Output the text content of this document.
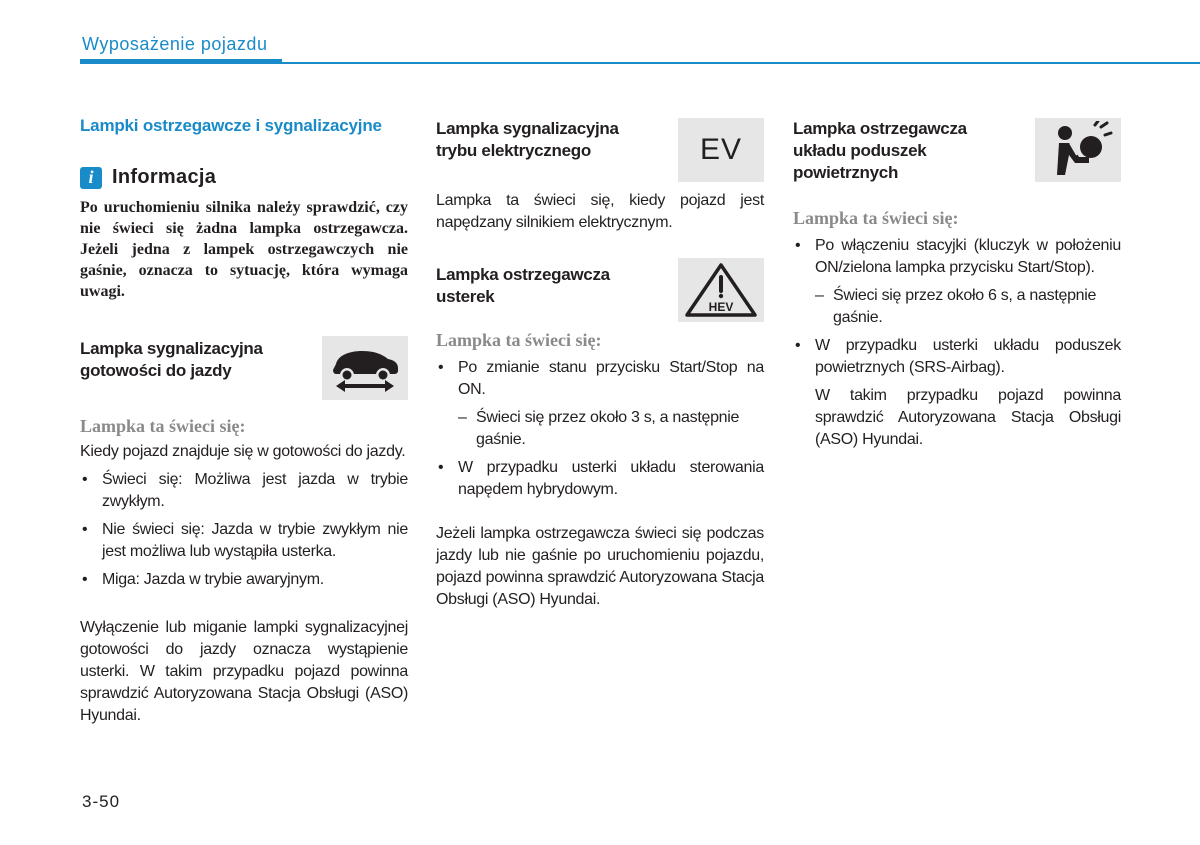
Wyposażenie pojazdu

Lampki ostrzegawcze i sygnalizacyjne

i Informacja
Po uruchomieniu silnika należy sprawdzić, czy nie świeci się żadna lampka ostrzegawcza. Jeżeli jedna z lampek ostrzegawczych nie gaśnie, oznacza to sytuację, która wymaga uwagi.
Lampka sygnalizacyjna
gotowości do jazdy

Lampka ta świeci się:

Kiedy pojazd znajduje się w gotowości do jazdy.

• Świeci się: Możliwa jest jazda w trybie zwykłym.
• Nie świeci się: Jazda w trybie zwykłym nie jest możliwa lub wystąpiła usterka.
• Miga: Jazda w trybie awaryjnym.

Wyłączenie lub miganie lampki sygnalizacyjnej gotowości do jazdy oznacza wystąpienie usterki. W takim przypadku pojazd powinna sprawdzić Autoryzowana Stacja Obsługi (ASO) Hyundai.

Lampka sygnalizacyjna
trybu elektrycznego	EV

Lampka ta świeci się, kiedy pojazd jest napędzany silnikiem elektrycznym.

Lampka ostrzegawcza
usterek
HEV

Lampka ta świeci się:

• Po zmianie stanu przycisku Start/Stop na ON.
– Świeci się przez około 3 s, a następnie gaśnie.
• W przypadku usterki układu sterowania napędem hybrydowym.

Jeżeli lampka ostrzegawcza świeci się podczas jazdy lub nie gaśnie po uruchomieniu pojazdu, pojazd powinna sprawdzić Autoryzowana Stacja Obsługi (ASO) Hyundai.

Lampka ostrzegawcza
układu poduszek
powietrznych

Lampka ta świeci się:

• Po włączeniu stacyjki (kluczyk w położeniu ON/zielona lampka przycisku Start/Stop).
– Świeci się przez około 6 s, a następnie gaśnie.
• W przypadku usterki układu poduszek powietrznych (SRS-Airbag).

W takim przypadku pojazd powinna sprawdzić Autoryzowana Stacja Obsługi (ASO) Hyundai.

3-50
